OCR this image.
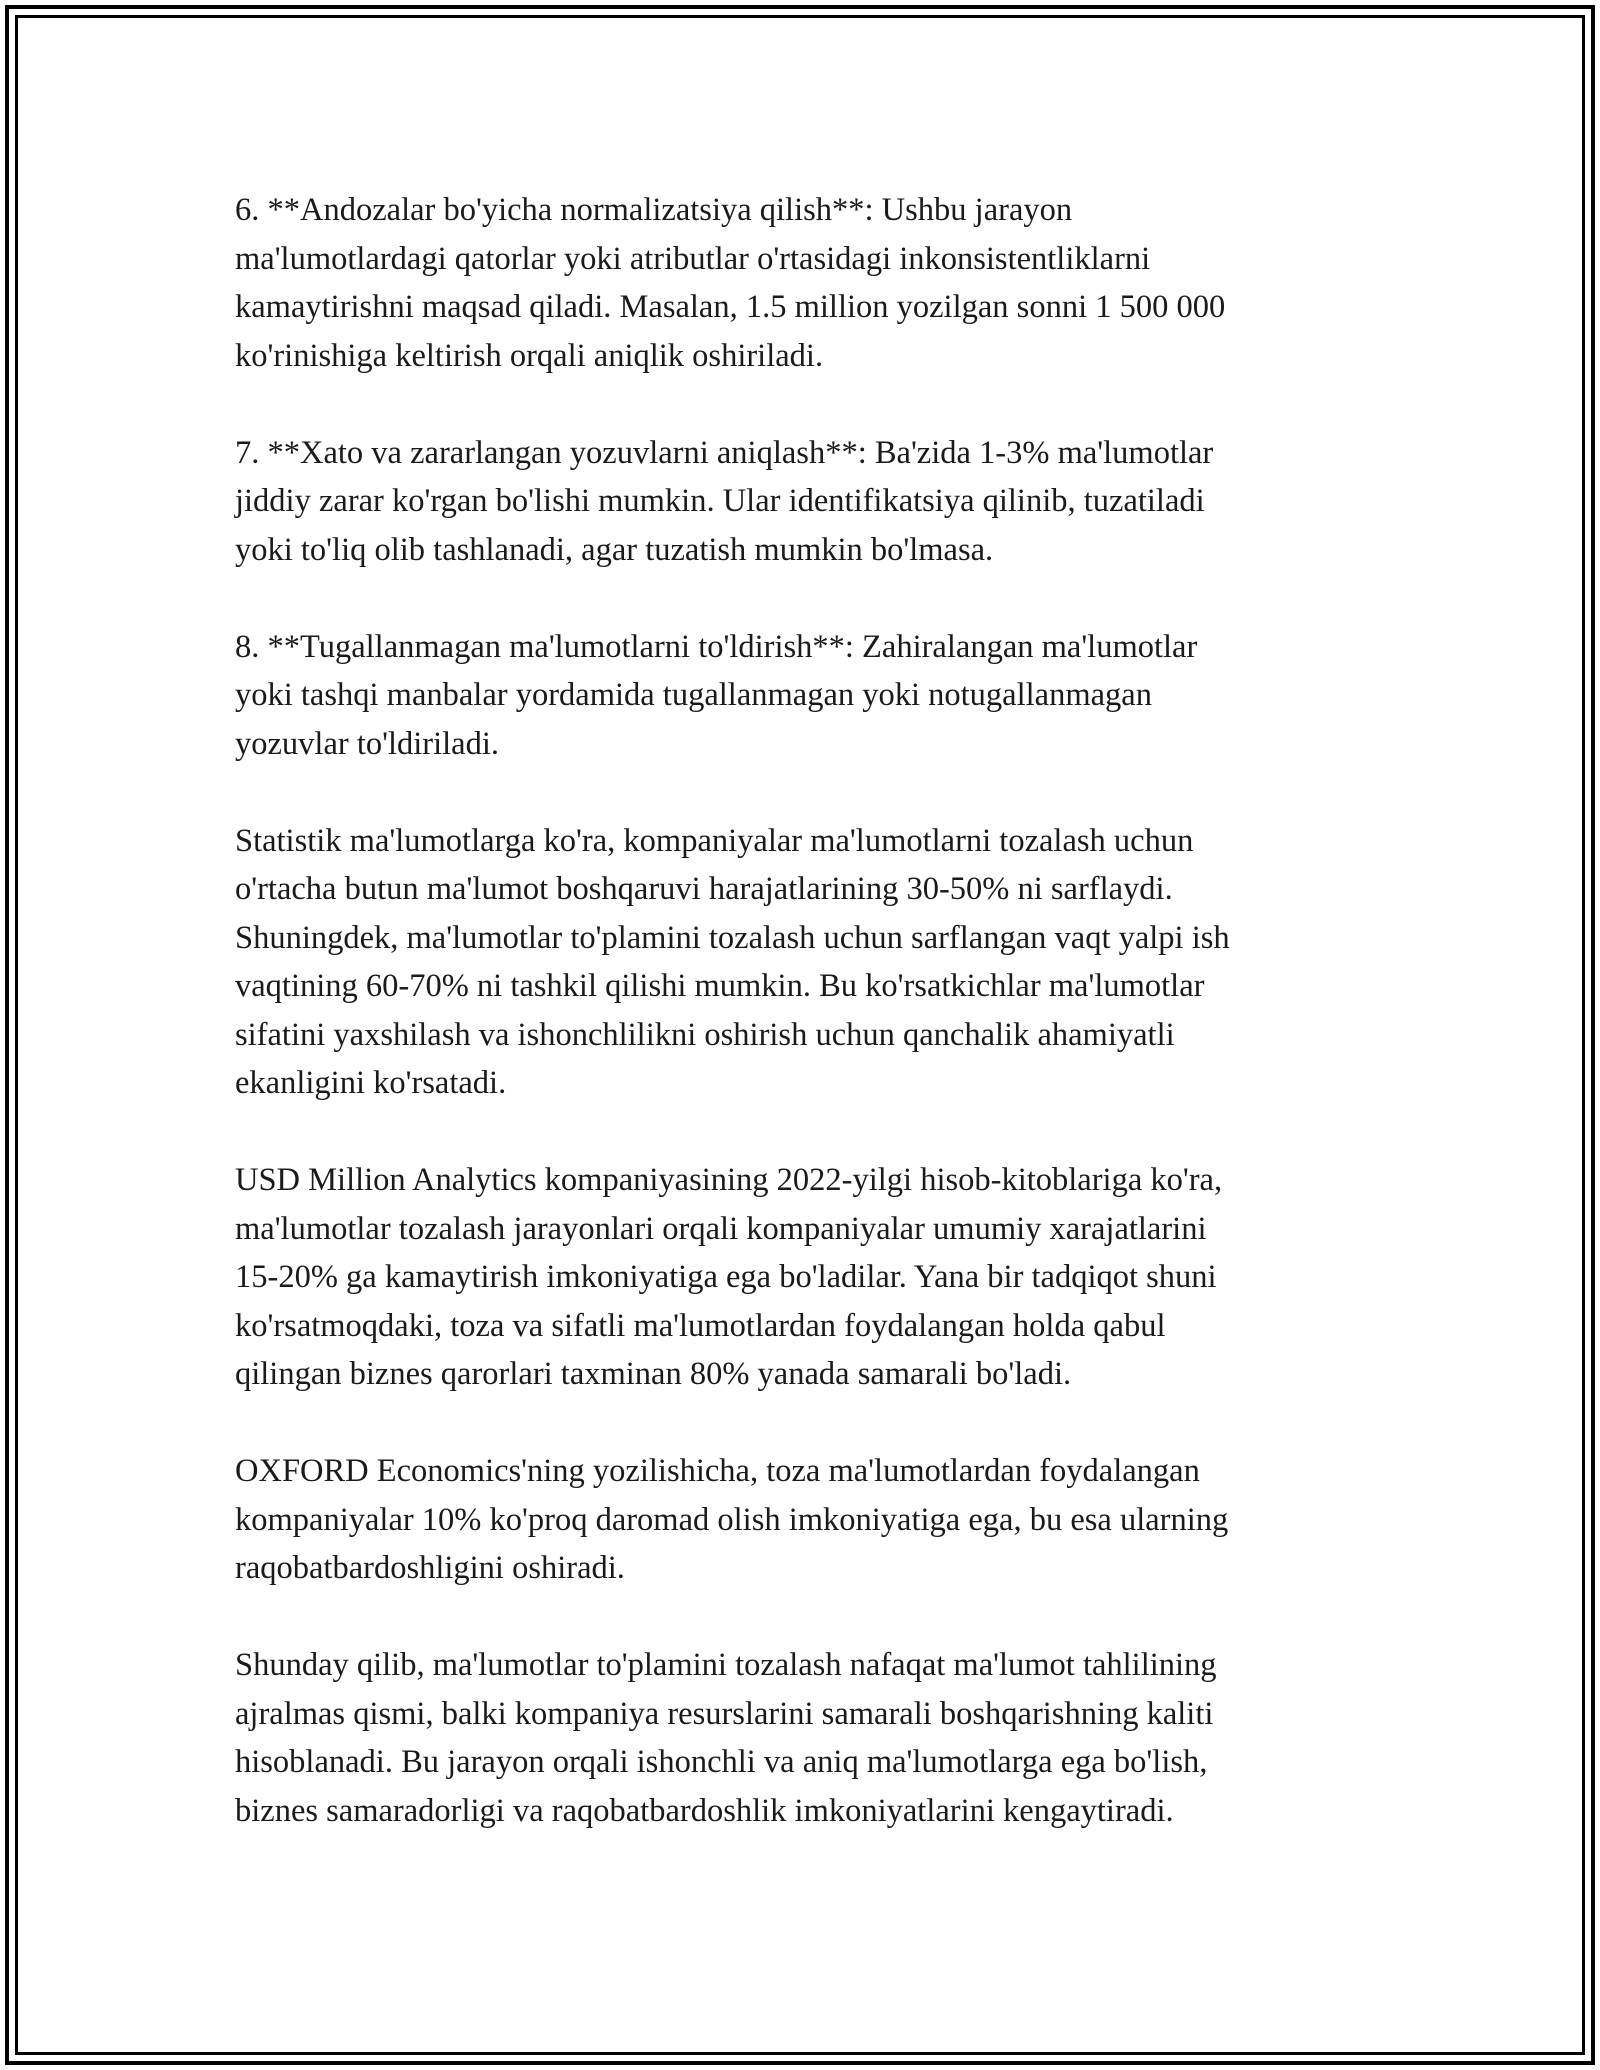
6. **Andozalar bo'yicha normalizatsiya qilish**: Ushbu jarayon
ma'lumotlardagi qatorlar yoki atributlar o'rtasidagi inkonsistentliklarni
kamaytirishni maqsad qiladi. Masalan, 1.5 million yozilgan sonni 1 500 000
ko'rinishiga keltirish orqali aniqlik oshiriladi.

7. **Xato va zararlangan yozuvlarni aniqlash**: Ba'zida 1-3% ma'lumotlar
jiddiy zarar ko'rgan bo'lishi mumkin. Ular identifikatsiya qilinib, tuzatiladi
yoki to'liq olib tashlanadi, agar tuzatish mumkin bo'lmasa.

8. **Tugallanmagan ma'lumotlarni to'ldirish**: Zahiralangan ma'lumotlar
yoki tashqi manbalar yordamida tugallanmagan yoki notugallanmagan
yozuvlar to'ldiriladi.

Statistik ma'lumotlarga ko'ra, kompaniyalar ma'lumotlarni tozalash uchun
o'rtacha butun ma'lumot boshqaruvi harajatlarining 30-50% ni sarflaydi.
Shuningdek, ma'lumotlar to'plamini tozalash uchun sarflangan vaqt yalpi ish
vaqtining 60-70% ni tashkil qilishi mumkin. Bu ko'rsatkichlar ma'lumotlar
sifatini yaxshilash va ishonchlilikni oshirish uchun qanchalik ahamiyatli
ekanligini ko'rsatadi.

USD Million Analytics kompaniyasining 2022-yilgi hisob-kitoblariga ko'ra,
ma'lumotlar tozalash jarayonlari orqali kompaniyalar umumiy xarajatlarini
15-20% ga kamaytirish imkoniyatiga ega bo'ladilar. Yana bir tadqiqot shuni
ko'rsatmoqdaki, toza va sifatli ma'lumotlardan foydalangan holda qabul
qilingan biznes qarorlari taxminan 80% yanada samarali bo'ladi.

OXFORD Economics'ning yozilishicha, toza ma'lumotlardan foydalangan
kompaniyalar 10% ko'proq daromad olish imkoniyatiga ega, bu esa ularning
raqobatbardoshligini oshiradi.

Shunday qilib, ma'lumotlar to'plamini tozalash nafaqat ma'lumot tahlilining
ajralmas qismi, balki kompaniya resurslarini samarali boshqarishning kaliti
hisoblanadi. Bu jarayon orqali ishonchli va aniq ma'lumotlarga ega bo'lish,
biznes samaradorligi va raqobatbardoshlik imkoniyatlarini kengaytiradi.
